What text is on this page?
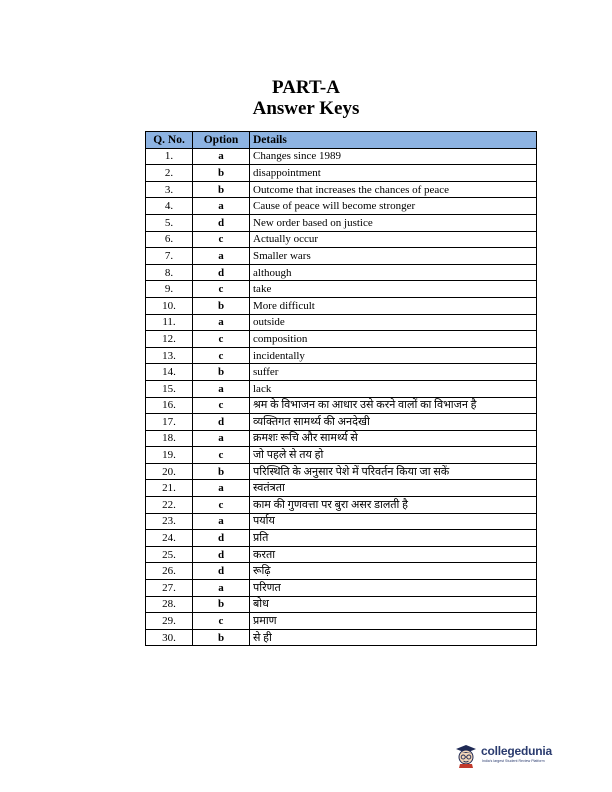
PART-A
Answer Keys
Q. No.	Option	Details
1.	a	Changes since 1989
2.	b	disappointment
3.	b	Outcome that increases the chances of peace
4.	a	Cause of peace will become stronger
5.	d	New order based on justice
6.	c	Actually occur
7.	a	Smaller wars
8.	d	although
9.	c	take
10.	b	More difficult
11.	a	outside
12.	c	composition
13.	c	incidentally
14.	b	suffer
15.	a	lack
16.	c	श्रम के विभाजन का आधार उसे करने वालों का विभाजन है
17.	d	व्यक्तिगत सामर्थ्य की अनदेखी
18.	a	क्रमशः रूचि और सामर्थ्य से
19.	c	जो पहले से तय हो
20.	b	परिस्थिति के अनुसार पेशे में परिवर्तन किया जा सकें
21.	a	स्वतंत्रता
22.	c	काम की गुणवत्ता पर बुरा असर डालती है
23.	a	पर्याय
24.	d	प्रति
25.	d	करता
26.	d	रूढ़ि
27.	a	परिणत
28.	b	बोध
29.	c	प्रमाण
30.	b	से ही
collegedunia
India's largest Student Review Platform
